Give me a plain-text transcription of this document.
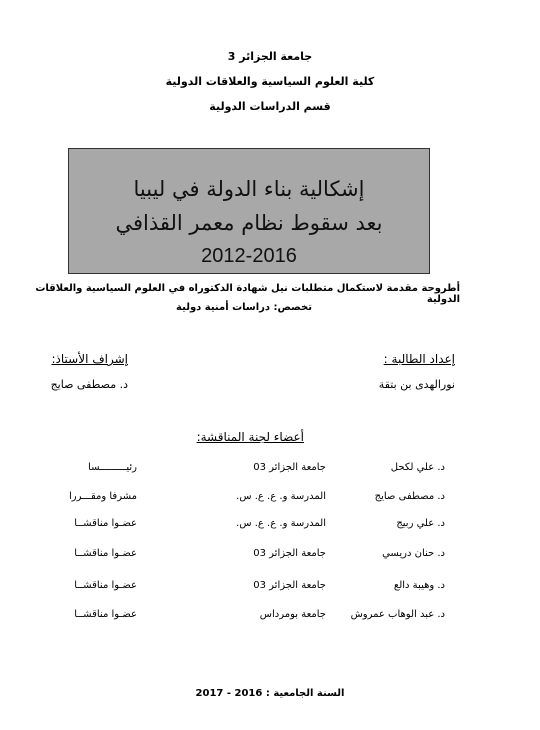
جامعة الجزائر 3
كلية العلوم السياسية والعلاقات الدولية
قسم الدراسات الدولية
إشكالية بناء الدولة في ليبيا
بعد سقوط نظام معمر القذافي
2012-2016
أطروحة مقدمة لاستكمال متطلبات نيل شهادة الدكتوراه في العلوم السياسية والعلاقات الدولية
تخصص: دراسات أمنية دولية
إعداد الطالبة :
إشراف الأستاذ:
نورالهدى بن بتقة
د. مصطفى صايج
أعضاء لجنة المناقشة:
د. علي لكحل
جامعة الجزائر 03
رئيـــــــــسا
د. مصطفى صايج
المدرسة و. ع. ع. س.
مشرفا ومقـــررا
د. علي ربيج
المدرسة و. ع. ع. س.
عضـوا مناقشــا
د. حنان دريسي
جامعة الجزائر 03
عضـوا مناقشــا
د. وهيبة دالع
جامعة الجزائر 03
عضـوا مناقشــا
د. عبد الوهاب عمروش
جامعة بومرداس
عضـوا مناقشــا
السنة الجامعية : 2016 - 2017
